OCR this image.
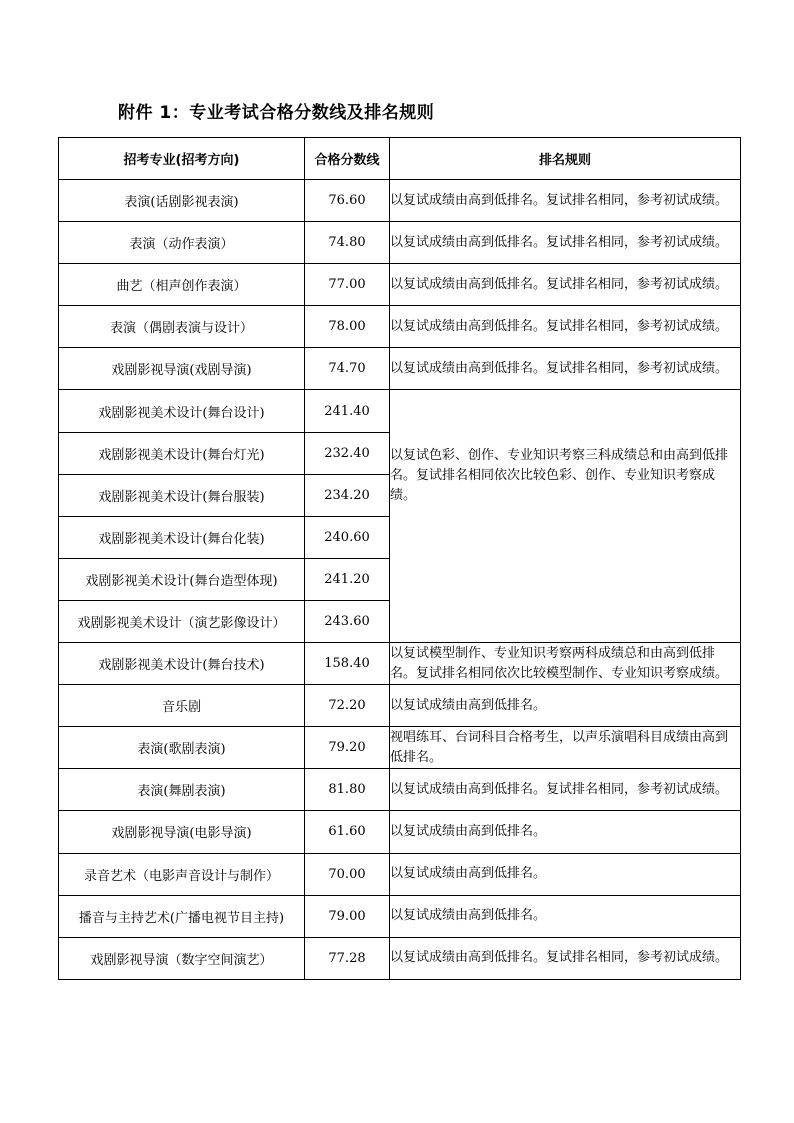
附件 1：专业考试合格分数线及排名规则
招考专业(招考方向)	合格分数线	排名规则
表演(话剧影视表演)	76.60	以复试成绩由高到低排名。复试排名相同，参考初试成绩。
表演（动作表演）	74.80	以复试成绩由高到低排名。复试排名相同，参考初试成绩。
曲艺（相声创作表演）	77.00	以复试成绩由高到低排名。复试排名相同，参考初试成绩。
表演（偶剧表演与设计）	78.00	以复试成绩由高到低排名。复试排名相同，参考初试成绩。
戏剧影视导演(戏剧导演)	74.70	以复试成绩由高到低排名。复试排名相同，参考初试成绩。
戏剧影视美术设计(舞台设计)	241.40	以复试色彩、创作、专业知识考察三科成绩总和由高到低排名。复试排名相同依次比较色彩、创作、专业知识考察成绩。
戏剧影视美术设计(舞台灯光)	232.40	
戏剧影视美术设计(舞台服装)	234.20	
戏剧影视美术设计(舞台化装)	240.60	
戏剧影视美术设计(舞台造型体现)	241.20	
戏剧影视美术设计（演艺影像设计）	243.60	
戏剧影视美术设计(舞台技术)	158.40	以复试模型制作、专业知识考察两科成绩总和由高到低排名。复试排名相同依次比较模型制作、专业知识考察成绩。
音乐剧	72.20	以复试成绩由高到低排名。
表演(歌剧表演)	79.20	视唱练耳、台词科目合格考生，以声乐演唱科目成绩由高到低排名。
表演(舞剧表演)	81.80	以复试成绩由高到低排名。复试排名相同，参考初试成绩。
戏剧影视导演(电影导演)	61.60	以复试成绩由高到低排名。
录音艺术（电影声音设计与制作）	70.00	以复试成绩由高到低排名。
播音与主持艺术(广播电视节目主持)	79.00	以复试成绩由高到低排名。
戏剧影视导演（数字空间演艺）	77.28	以复试成绩由高到低排名。复试排名相同，参考初试成绩。
